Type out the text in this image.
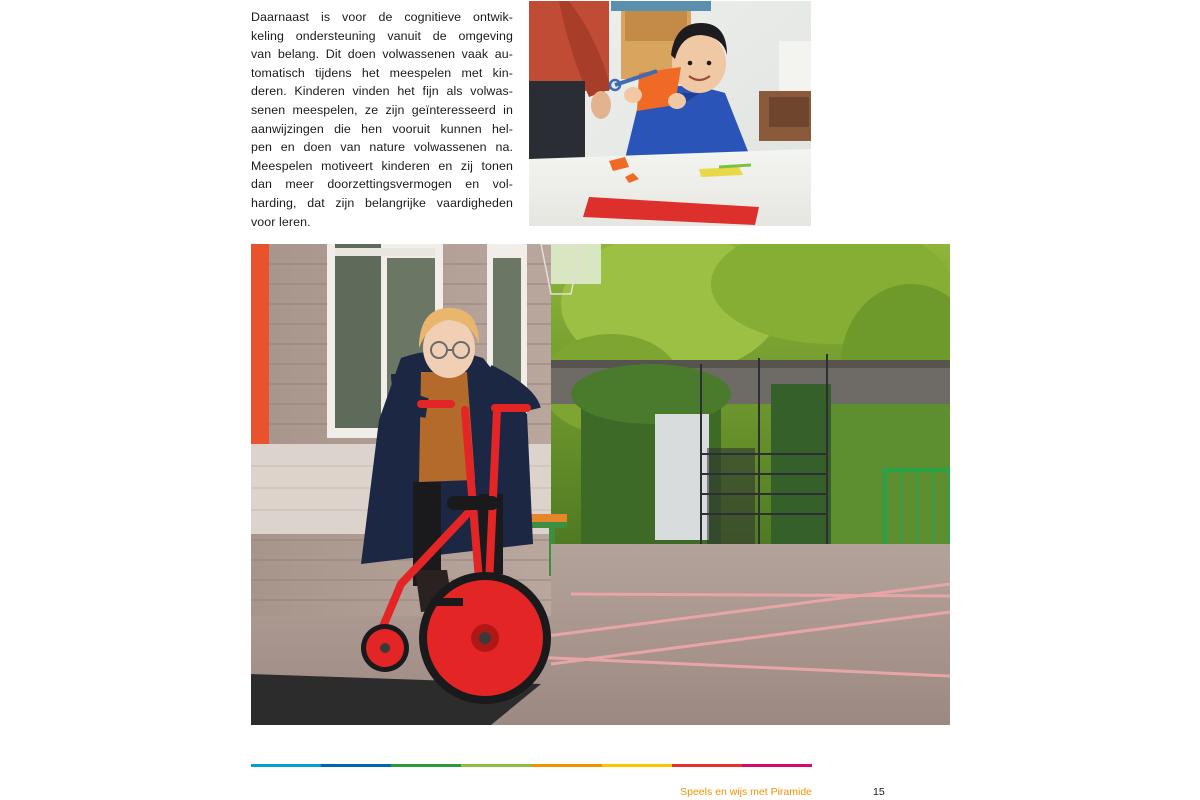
Daarnaast is voor de cognitieve ontwik-
keling ondersteuning vanuit de omgeving
van belang. Dit doen volwassenen vaak au-
tomatisch tijdens het meespelen met kin-
deren. Kinderen vinden het fijn als volwas-
senen meespelen, ze zijn geïnteresseerd in
aanwijzingen die hen vooruit kunnen hel-
pen en doen van nature volwassenen na.
Meespelen motiveert kinderen en zij tonen
dan meer doorzettingsvermogen en vol-
harding, dat zijn belangrijke vaardigheden
voor leren.
Speels en wijs met Piramide	15
